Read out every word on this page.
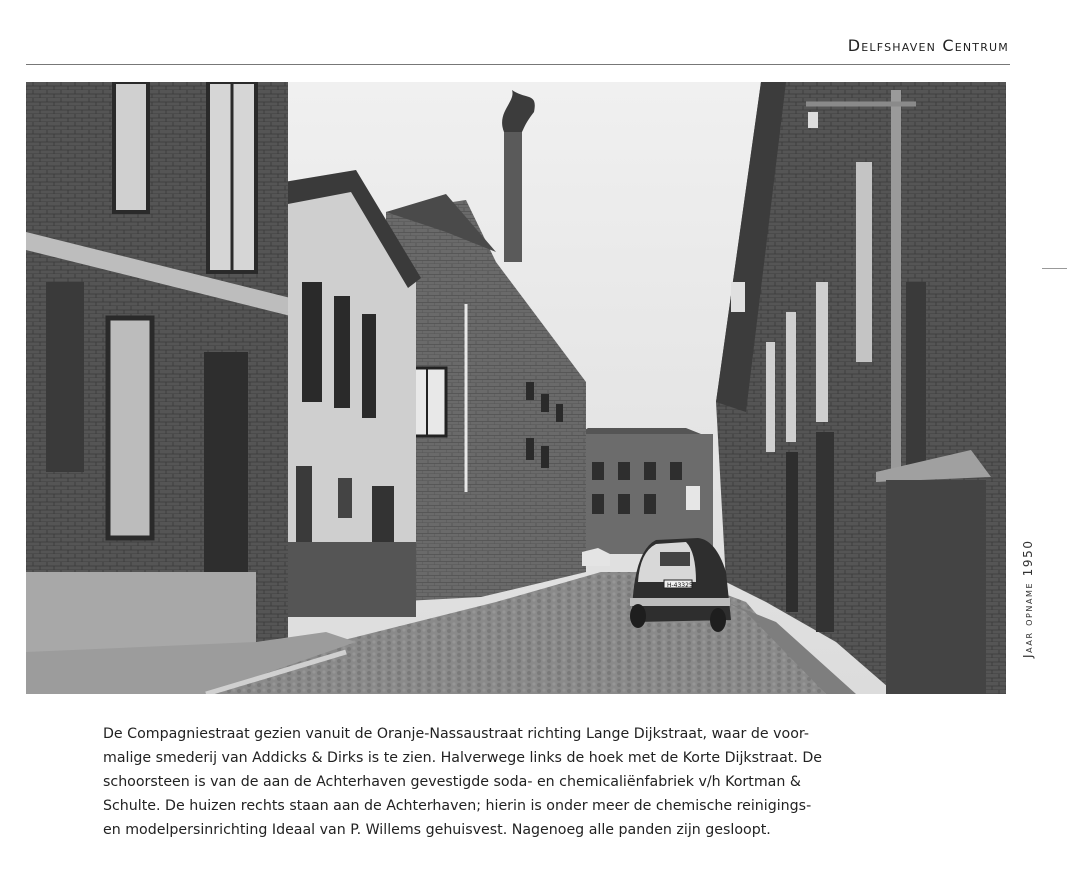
Delfshaven Centrum
H-43325	Jaar opname 1950
De Compagniestraat gezien vanuit de Oranje-Nassaustraat richting Lange Dijkstraat, waar de voor-
malige smederij van Addicks & Dirks is te zien. Halverwege links de hoek met de Korte Dijkstraat. De
schoorsteen is van de aan de Achterhaven gevestigde soda- en chemicaliënfabriek v/h Kortman &
Schulte. De huizen rechts staan aan de Achterhaven; hierin is onder meer de chemische reinigings-
en modelpersinrichting Ideaal van P. Willems gehuisvest. Nagenoeg alle panden zijn gesloopt.
